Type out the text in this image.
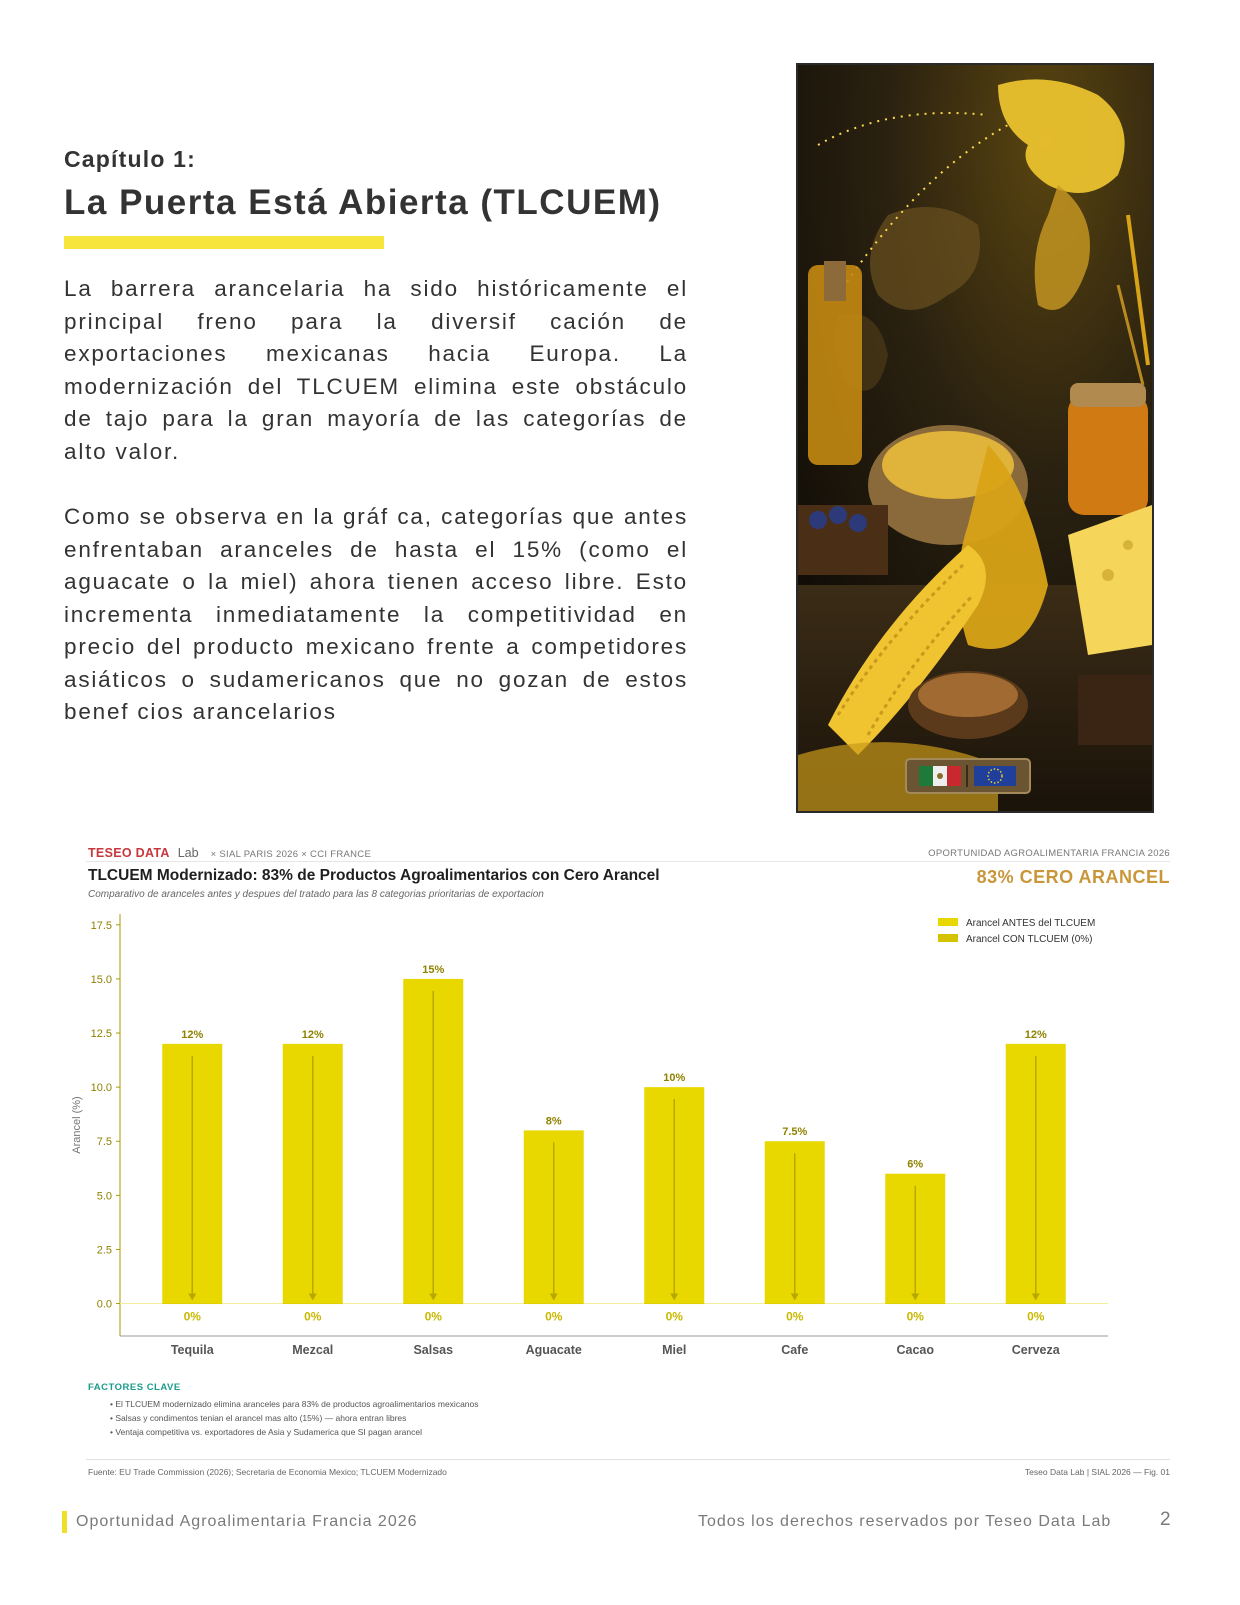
Capítulo 1:
La Puerta Está Abierta (TLCUEM)

La barrera arancelaria ha sido históricamente el principal freno para la diversif cación de exportaciones mexicanas hacia Europa. La modernización del TLCUEM elimina este obstáculo de tajo para la gran mayoría de las categorías de alto valor.

Como se observa en la gráf ca, categorías que antes enfrentaban aranceles de hasta el 15% (como el aguacate o la miel) ahora tienen acceso libre. Esto incrementa inmediatamente la competitividad en precio del producto mexicano frente a competidores asiáticos o sudamericanos que no gozan de estos benef cios arancelarios

TESEO DATA Lab × SIAL PARIS 2026 × CCI FRANCE	OPORTUNIDAD AGROALIMENTARIA FRANCIA 2026
TLCUEM Modernizado: 83% de Productos Agroalimentarios con Cero Arancel
Comparativo de aranceles antes y despues del tratado para las 8 categorias prioritarias de exportacion
83% CERO ARANCEL
0.0
2.5
5.0
7.5
10.0
12.5
15.0
17.5
Arancel (%)
12%
0%
Tequila
12%
0%
Mezcal
15%
0%
Salsas
8%
0%
Aguacate
10%
0%
Miel
7.5%
0%
Cafe
6%
0%
Cacao
12%
0%
Cerveza
Arancel ANTES del TLCUEM
Arancel CON TLCUEM (0%)
FACTORES CLAVE
• El TLCUEM modernizado elimina aranceles para 83% de productos agroalimentarios mexicanos
• Salsas y condimentos tenian el arancel mas alto (15%) — ahora entran libres
• Ventaja competitiva vs. exportadores de Asia y Sudamerica que SI pagan arancel
Fuente: EU Trade Commission (2026); Secretaria de Economia Mexico; TLCUEM Modernizado	Teseo Data Lab | SIAL 2026 — Fig. 01
Oportunidad Agroalimentaria Francia 2026	Todos los derechos reservados por Teseo Data Lab	2
